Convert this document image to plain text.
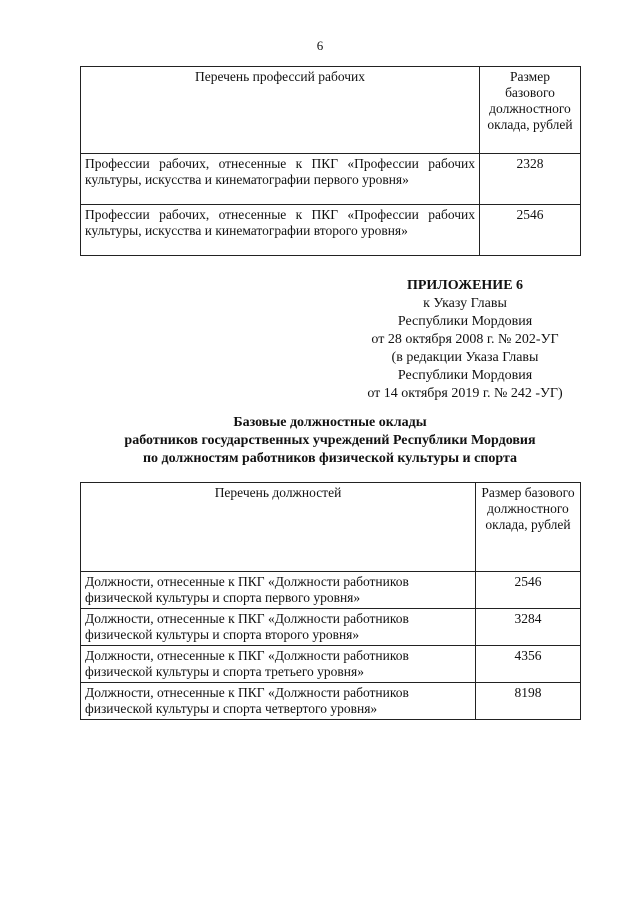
6
Перечень профессий рабочих	Размер базового должностного оклада, рублей
Профессии рабочих, отнесенные к ПКГ «Профессии рабочих культуры, искусства и кинематографии первого уровня»	2328
Профессии рабочих, отнесенные к ПКГ «Профессии рабочих культуры, искусства и кинематографии второго уровня»	2546
ПРИЛОЖЕНИЕ 6
к Указу Главы
Республики Мордовия
от 28 октября 2008 г. № 202-УГ
(в редакции Указа Главы
Республики Мордовия
от 14 октября 2019 г. № 242 -УГ)
Базовые должностные оклады
работников государственных учреждений Республики Мордовия
по должностям работников физической культуры и спорта
Перечень должностей	Размер базового должностного оклада, рублей
Должности, отнесенные к ПКГ «Должности работников физической культуры и спорта первого уровня»	2546
Должности, отнесенные к ПКГ «Должности работников физической культуры и спорта второго уровня»	3284
Должности, отнесенные к ПКГ «Должности работников физической культуры и спорта третьего уровня»	4356
Должности, отнесенные к ПКГ «Должности работников физической культуры и спорта четвертого уровня»	8198
